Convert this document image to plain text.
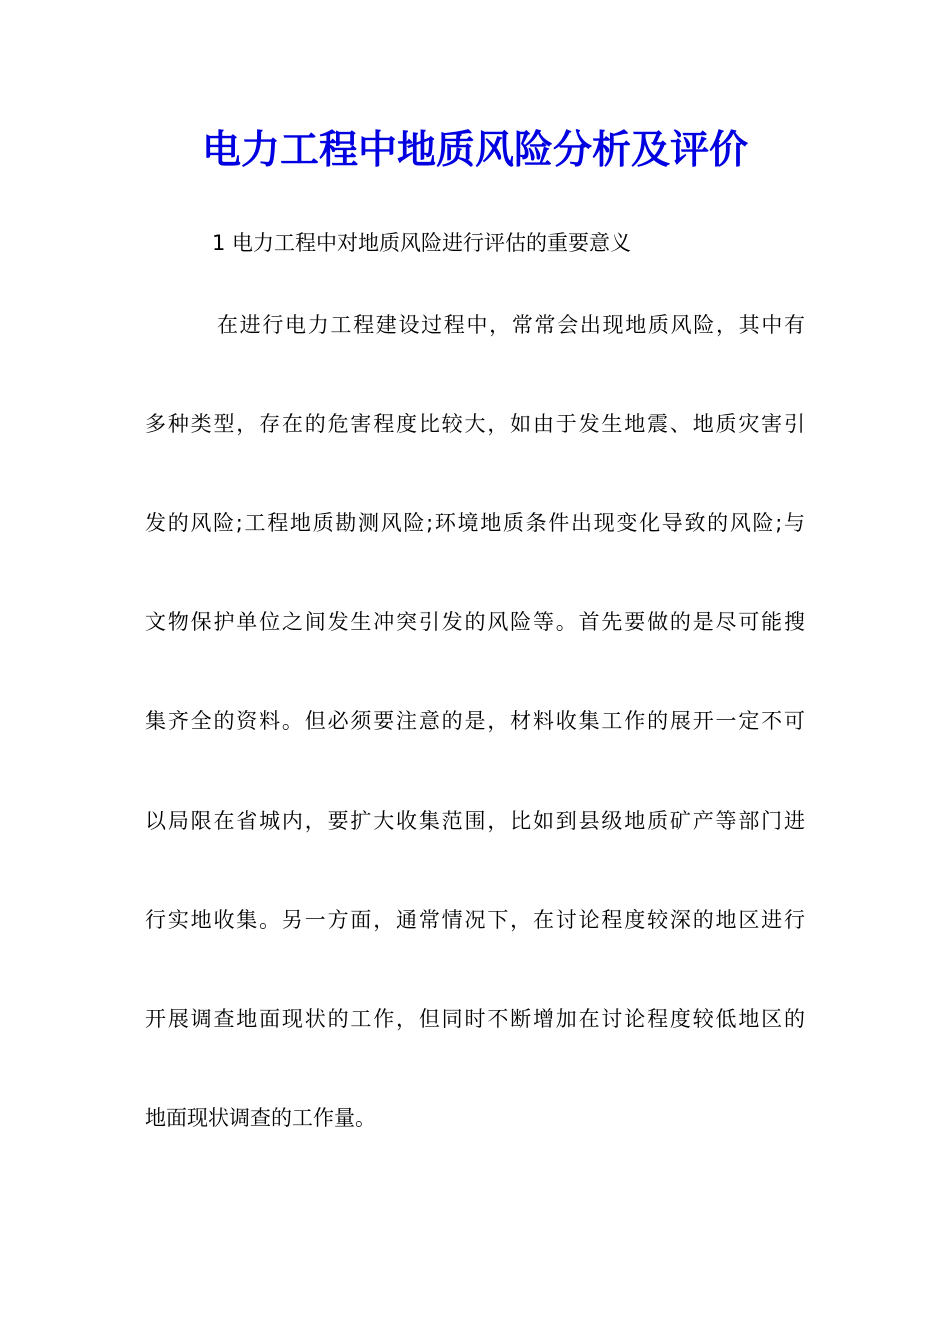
电力工程中地质风险分析及评价
1 电力工程中对地质风险进行评估的重要意义
在进行电力工程建设过程中，常常会出现地质风险，其中有
多种类型，存在的危害程度比较大，如由于发生地震、地质灾害引
发的风险;工程地质勘测风险;环境地质条件出现变化导致的风险;与
文物保护单位之间发生冲突引发的风险等。首先要做的是尽可能搜
集齐全的资料。但必须要注意的是，材料收集工作的展开一定不可
以局限在省城内，要扩大收集范围，比如到县级地质矿产等部门进
行实地收集。另一方面，通常情况下，在讨论程度较深的地区进行
开展调查地面现状的工作，但同时不断增加在讨论程度较低地区的
地面现状调查的工作量。
